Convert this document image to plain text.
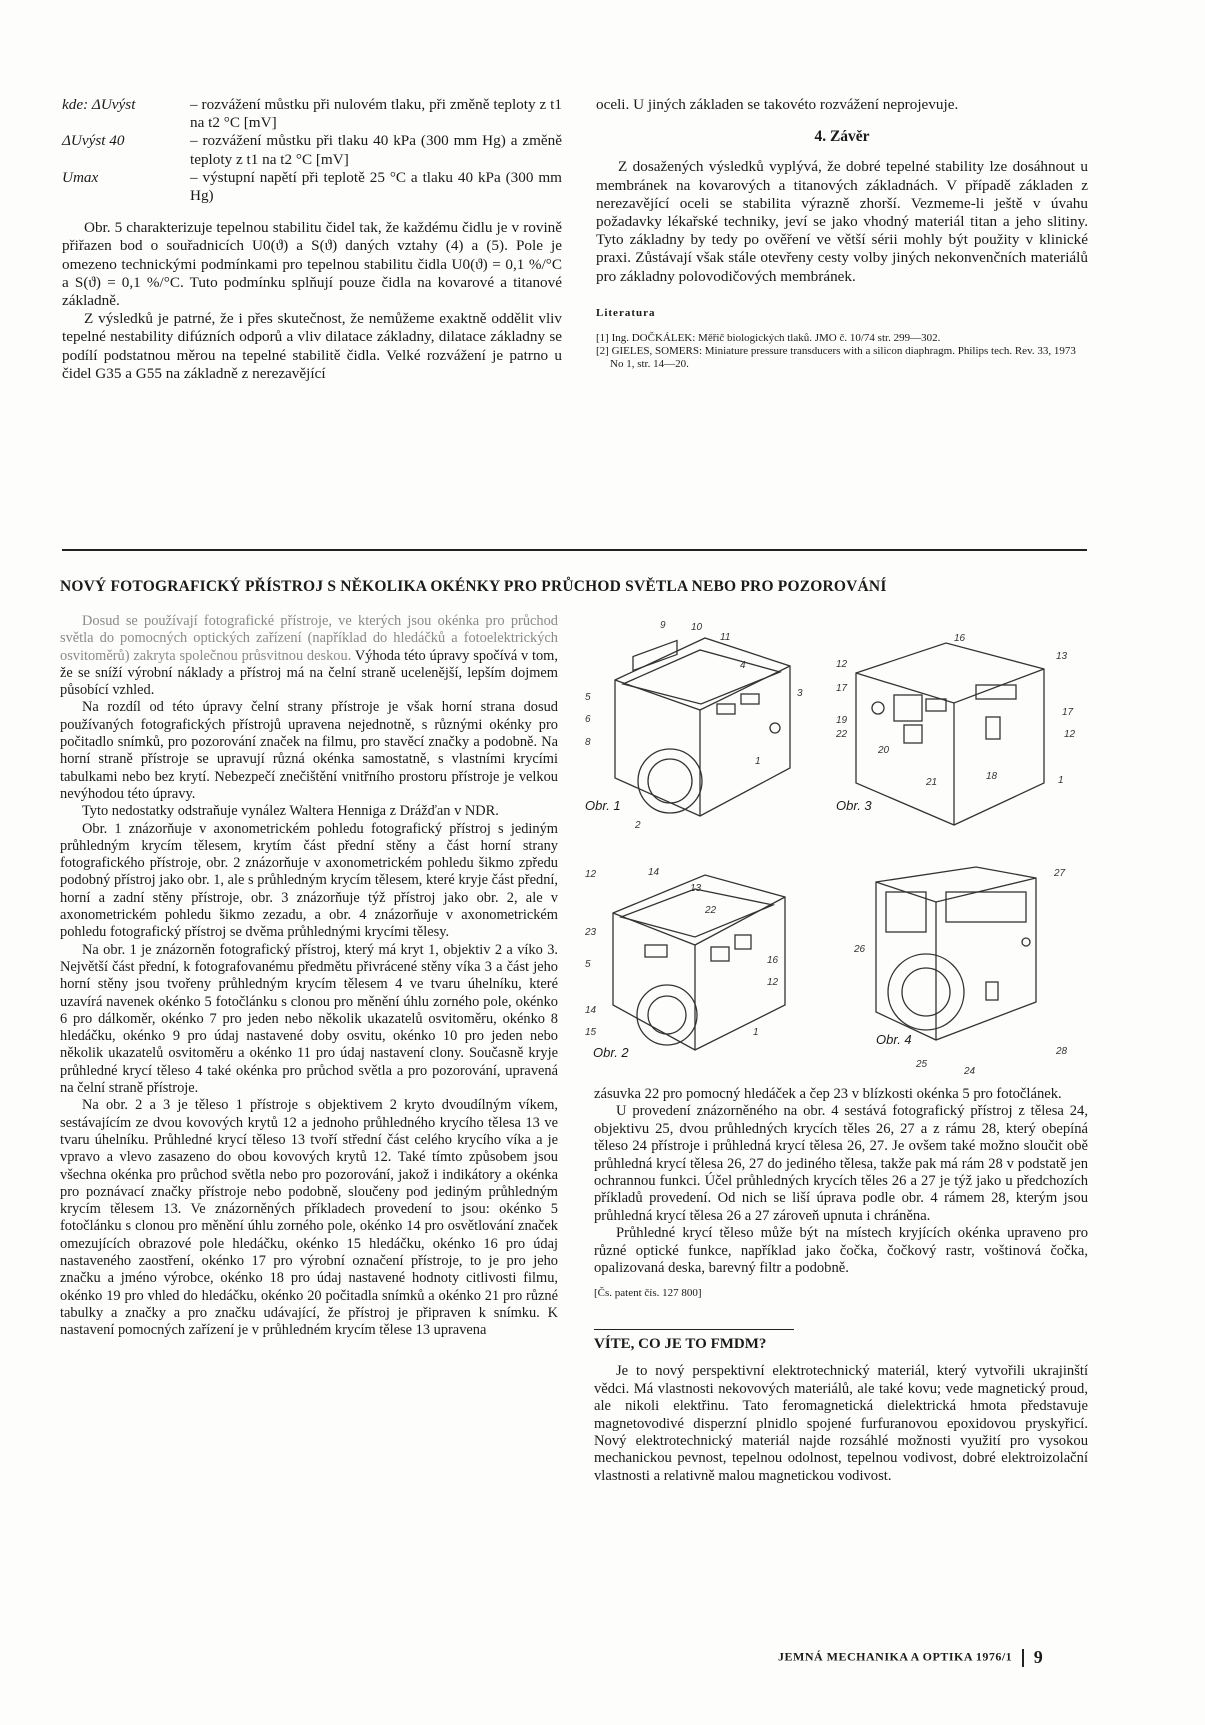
kde: ΔUvýst	– rozvážení můstku při nulovém tlaku, při změně teploty z t1 na t2 °C [mV]
ΔUvýst 40	– rozvážení můstku při tlaku 40 kPa (300 mm Hg) a změně teploty z t1 na t2 °C [mV]
Umax	– výstupní napětí při teplotě 25 °C a tlaku 40 kPa (300 mm Hg)

Obr. 5 charakterizuje tepelnou stabilitu čidel tak, že každému čidlu je v rovině přiřazen bod o souřadnicích U0(ϑ) a S(ϑ) daných vztahy (4) a (5). Pole je omezeno technickými podmínkami pro tepelnou stabilitu čidla U0(ϑ) = 0,1 %/°C a S(ϑ) = 0,1 %/°C. Tuto podmínku splňují pouze čidla na kovarové a titanové základně.

Z výsledků je patrné, že i přes skutečnost, že nemůžeme exaktně oddělit vliv tepelné nestability difúzních odporů a vliv dilatace základny, dilatace základny se podílí podstatnou měrou na tepelné stabilitě čidla. Velké rozvážení je patrno u čidel G35 a G55 na základně z nerezavějící

oceli. U jiných základen se takovéto rozvážení neprojevuje.

4. Závěr

Z dosažených výsledků vyplývá, že dobré tepelné stability lze dosáhnout u membránek na kovarových a titanových základnách. V případě základen z nerezavějící oceli se stabilita výrazně zhorší. Vezmeme-li ještě v úvahu požadavky lékařské techniky, jeví se jako vhodný materiál titan a jeho slitiny. Tyto základny by tedy po ověření ve větší sérii mohly být použity v klinické praxi. Zůstávají však stále otevřeny cesty volby jiných nekonvenčních materiálů pro základny polovodičových membránek.

Literatura

[1] Ing. DOČKÁLEK: Měřič biologických tlaků. JMO č. 10/74 str. 299—302.

[2] GIELES, SOMERS: Miniature pressure transducers with a silicon diaphragm. Philips tech. Rev. 33, 1973 No 1, str. 14—20.

NOVÝ FOTOGRAFICKÝ PŘÍSTROJ S NĚKOLIKA OKÉNKY PRO PRŮCHOD SVĚTLA NEBO PRO POZOROVÁNÍ

Dosud se používají fotografické přístroje, ve kterých jsou okénka pro průchod světla do pomocných optických zařízení (například do hledáčků a fotoelektrických osvitoměrů) zakryta společnou průsvitnou deskou. Výhoda této úpravy spočívá v tom, že se sníží výrobní náklady a přístroj má na čelní straně ucelenější, lepším dojmem působící vzhled.

Na rozdíl od této úpravy čelní strany přístroje je však horní strana dosud používaných fotografických přístrojů upravena nejednotně, s různými okénky pro počitadlo snímků, pro pozorování značek na filmu, pro stavěcí značky a podobně. Na horní straně přístroje se upravují různá okénka samostatně, s vlastními krycími tabulkami nebo bez krytí. Nebezpečí znečištění vnitřního prostoru přístroje je velkou nevýhodou této úpravy.

Tyto nedostatky odstraňuje vynález Waltera Henniga z Drážďan v NDR.

Obr. 1 znázorňuje v axonometrickém pohledu fotografický přístroj s jediným průhledným krycím tělesem, krytím část přední stěny a část horní strany fotografického přístroje, obr. 2 znázorňuje v axonometrickém pohledu šikmo zpředu podobný přístroj jako obr. 1, ale s průhledným krycím tělesem, které kryje část přední, horní a zadní stěny přístroje, obr. 3 znázorňuje týž přístroj jako obr. 2, ale v axonometrickém pohledu šikmo zezadu, a obr. 4 znázorňuje v axonometrickém pohledu fotografický přístroj se dvěma průhlednými krycími tělesy.

Na obr. 1 je znázorněn fotografický přístroj, který má kryt 1, objektiv 2 a víko 3. Největší část přední, k fotografovanému předmětu přivrácené stěny víka 3 a část jeho horní stěny jsou tvořeny průhledným krycím tělesem 4 ve tvaru úhelníku, které uzavírá navenek okénko 5 fotočlánku s clonou pro měnění úhlu zorného pole, okénko 6 pro dálkoměr, okénko 7 pro jeden nebo několik ukazatelů osvitoměru, okénko 8 hledáčku, okénko 9 pro údaj nastavené doby osvitu, okénko 10 pro jeden nebo několik ukazatelů osvitoměru a okénko 11 pro údaj nastavení clony. Současně kryje průhledné krycí těleso 4 také okénka pro průchod světla a pro pozorování, upravená na čelní straně přístroje.

Na obr. 2 a 3 je těleso 1 přístroje s objektivem 2 kryto dvoudílným víkem, sestávajícím ze dvou kovových krytů 12 a jednoho průhledného krycího tělesa 13 ve tvaru úhelníku. Průhledné krycí těleso 13 tvoří střední část celého krycího víka a je vpravo a vlevo zasazeno do obou kovových krytů 12. Také tímto způsobem jsou všechna okénka pro průchod světla nebo pro pozorování, jakož i indikátory a okénka pro poznávací značky přístroje nebo podobně, sloučeny pod jediným průhledným krycím tělesem 13. Ve znázorněných příkladech provedení to jsou: okénko 5 fotočlánku s clonou pro měnění úhlu zorného pole, okénko 14 pro osvětlování značek omezujících obrazové pole hledáčku, okénko 15 hledáčku, okénko 16 pro údaj nastaveného zaostření, okénko 17 pro výrobní označení přístroje, to je pro jeho značku a jméno výrobce, okénko 18 pro údaj nastavené hodnoty citlivosti filmu, okénko 19 pro vhled do hledáčku, okénko 20 počitadla snímků a okénko 21 pro různé tabulky a značky a pro značku udávající, že přístroj je připraven k snímku. K nastavení pomocných zařízení je v průhledném krycím tělese 13 upravena

9	10
11
5
6
8
4
3
1
2
Obr. 1
12
17
19
22
20
21
18
13
17
12
1
16
Obr. 3
12	14
13
22
23
5	16
12
14
15	1
Obr. 2
27
26
25
24
28
Obr. 4

zásuvka 22 pro pomocný hledáček a čep 23 v blízkosti okénka 5 pro fotočlánek.

U provedení znázorněného na obr. 4 sestává fotografický přístroj z tělesa 24, objektivu 25, dvou průhledných krycích těles 26, 27 a z rámu 28, který obepíná těleso 24 přístroje i průhledná krycí tělesa 26, 27. Je ovšem také možno sloučit obě průhledná krycí tělesa 26, 27 do jediného tělesa, takže pak má rám 28 v podstatě jen ochrannou funkci. Účel průhledných krycích těles 26 a 27 je týž jako u předchozích příkladů provedení. Od nich se liší úprava podle obr. 4 rámem 28, kterým jsou průhledná krycí tělesa 26 a 27 zároveň upnuta i chráněna.

Průhledné krycí těleso může být na místech kryjících okénka upraveno pro různé optické funkce, například jako čočka, čočkový rastr, voštinová čočka, opalizovaná deska, barevný filtr a podobně.

[Čs. patent čís. 127 800]
VÍTE, CO JE TO FMDM?

Je to nový perspektivní elektrotechnický materiál, který vytvořili ukrajinští vědci. Má vlastnosti nekovových materiálů, ale také kovu; vede magnetický proud, ale nikoli elektřinu. Tato feromagnetická dielektrická hmota představuje magnetovodivé disperzní plnidlo spojené furfuranovou epoxidovou pryskyřicí. Nový elektrotechnický materiál najde rozsáhlé možnosti využití pro vysokou mechanickou pevnost, tepelnou odolnost, tepelnou vodivost, dobré elektroizolační vlastnosti a relativně malou magnetickou vodivost.

JEMNÁ MECHANIKA A OPTIKA 1976/1 9
